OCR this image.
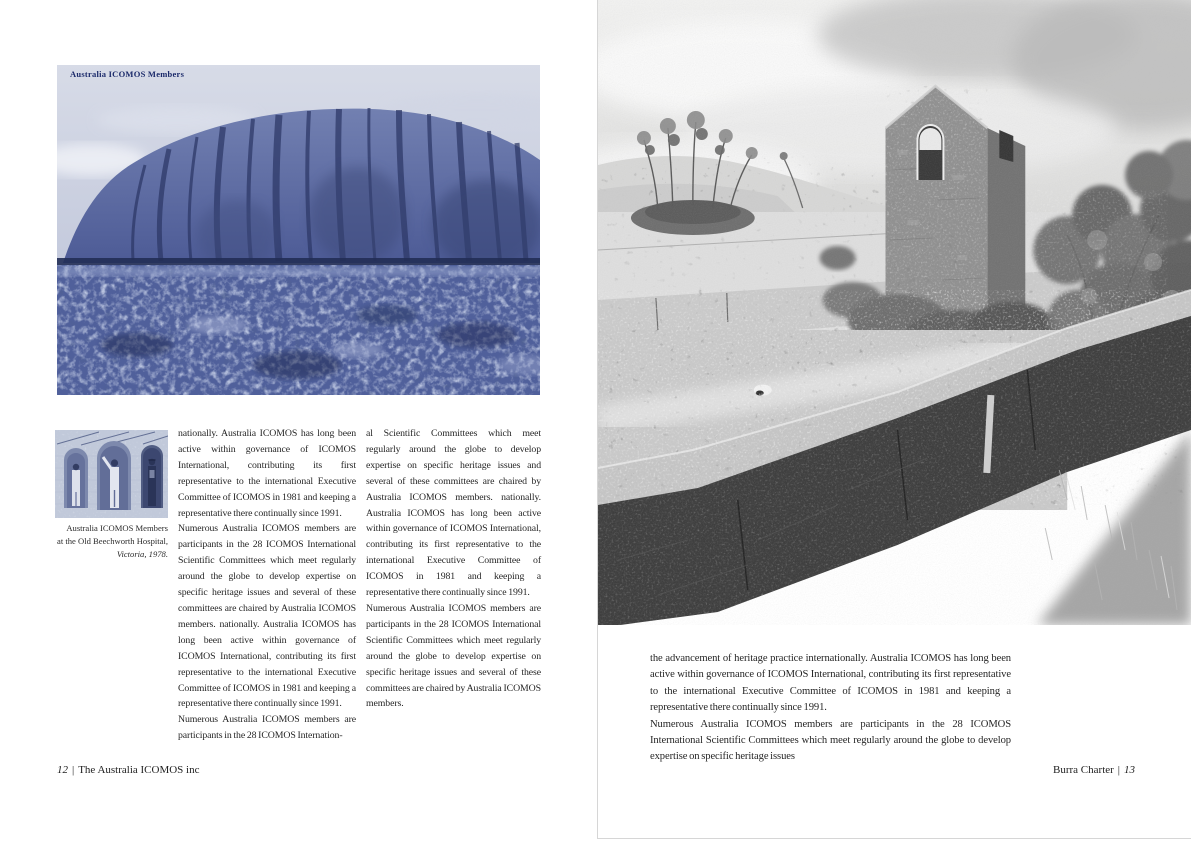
Australia ICOMOS Members
Australia ICOMOS Members
at the Old Beechworth Hospital,
Victoria, 1978.

nationally. Australia ICOMOS has long been active within governance of ICOMOS International, contributing its first representative to the international Executive Committee of ICOMOS in 1981 and keeping a representative there continually since 1991.

Numerous Australia ICOMOS members are participants in the 28 ICOMOS International Scientific Committees which meet regularly around the globe to develop expertise on specific heritage issues and several of these committees are chaired by Australia ICOMOS members. nationally. Australia ICOMOS has long been active within governance of ICOMOS International, contributing its first representative to the international Executive Committee of ICOMOS in 1981 and keeping a representative there continually since 1991.

Numerous Australia ICOMOS members are participants in the 28 ICOMOS Internation-

al Scientific Committees which meet regularly around the globe to develop expertise on specific heritage issues and several of these committees are chaired by Australia ICOMOS members. nationally. Australia ICOMOS has long been active within governance of ICOMOS International, contributing its first representative to the international Executive Committee of ICOMOS in 1981 and keeping a representative there continually since 1991.

Numerous Australia ICOMOS members are participants in the 28 ICOMOS International Scientific Committees which meet regularly around the globe to develop expertise on specific heritage issues and several of these committees are chaired by Australia ICOMOS members.

12 | The Australia ICOMOS inc

the advancement of heritage practice internationally. Australia ICOMOS has long been active within governance of ICOMOS International, contributing its first representative to the international Executive Committee of ICOMOS in 1981 and keeping a representative there continually since 1991.

Numerous Australia ICOMOS members are participants in the 28 ICOMOS International Scientific Committees which meet regularly around the globe to develop expertise on specific heritage issues

Burra Charter | 13
